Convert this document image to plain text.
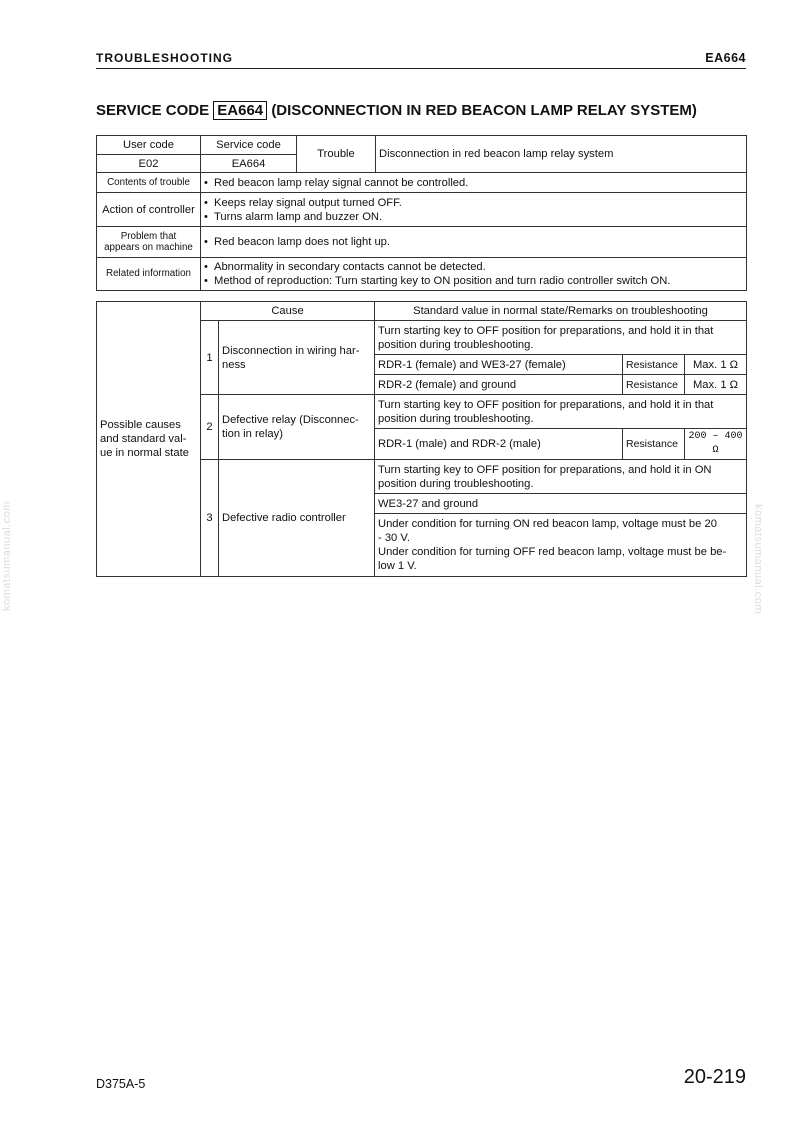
TROUBLESHOOTING	EA664
SERVICE CODE EA664 (DISCONNECTION IN RED BEACON LAMP RELAY SYSTEM)
User code	Service code	Trouble	Disconnection in red beacon lamp relay system
E02	EA664		
Contents of trouble	• Red beacon lamp relay signal cannot be controlled.

Action of controller	• Keeps relay signal output turned OFF.
• Turns alarm lamp and buzzer ON.

Problem that
appears on machine	• Red beacon lamp does not light up.

Related information	• Abnormality in secondary contacts cannot be detected.
• Method of reproduction: Turn starting key to ON position and turn radio controller switch ON.
Possible causes
and standard val-
ue in normal state	Cause		Standard value in normal state/Remarks on troubleshooting		
	1	Disconnection in wiring har-
ness	Turn starting key to OFF position for preparations, and hold it in that
position during troubleshooting.		
			RDR-1 (female) and WE3-27 (female)	Resistance	Max. 1 Ω
			RDR-2 (female) and ground	Resistance	Max. 1 Ω
	2	Defective relay (Disconnec-
tion in relay)	Turn starting key to OFF position for preparations, and hold it in that
position during troubleshooting.		
			RDR-1 (male) and RDR-2 (male)	Resistance	200 – 400 Ω
	3	Defective radio controller	Turn starting key to OFF position for preparations, and hold it in ON
position during troubleshooting.		
			WE3-27 and ground		
			Under condition for turning ON red beacon lamp, voltage must be 20
- 30 V.
Under condition for turning OFF red beacon lamp, voltage must be be-
low 1 V.		
komatsumanual.com	komatsumanual.com
D375A-5	20-219
